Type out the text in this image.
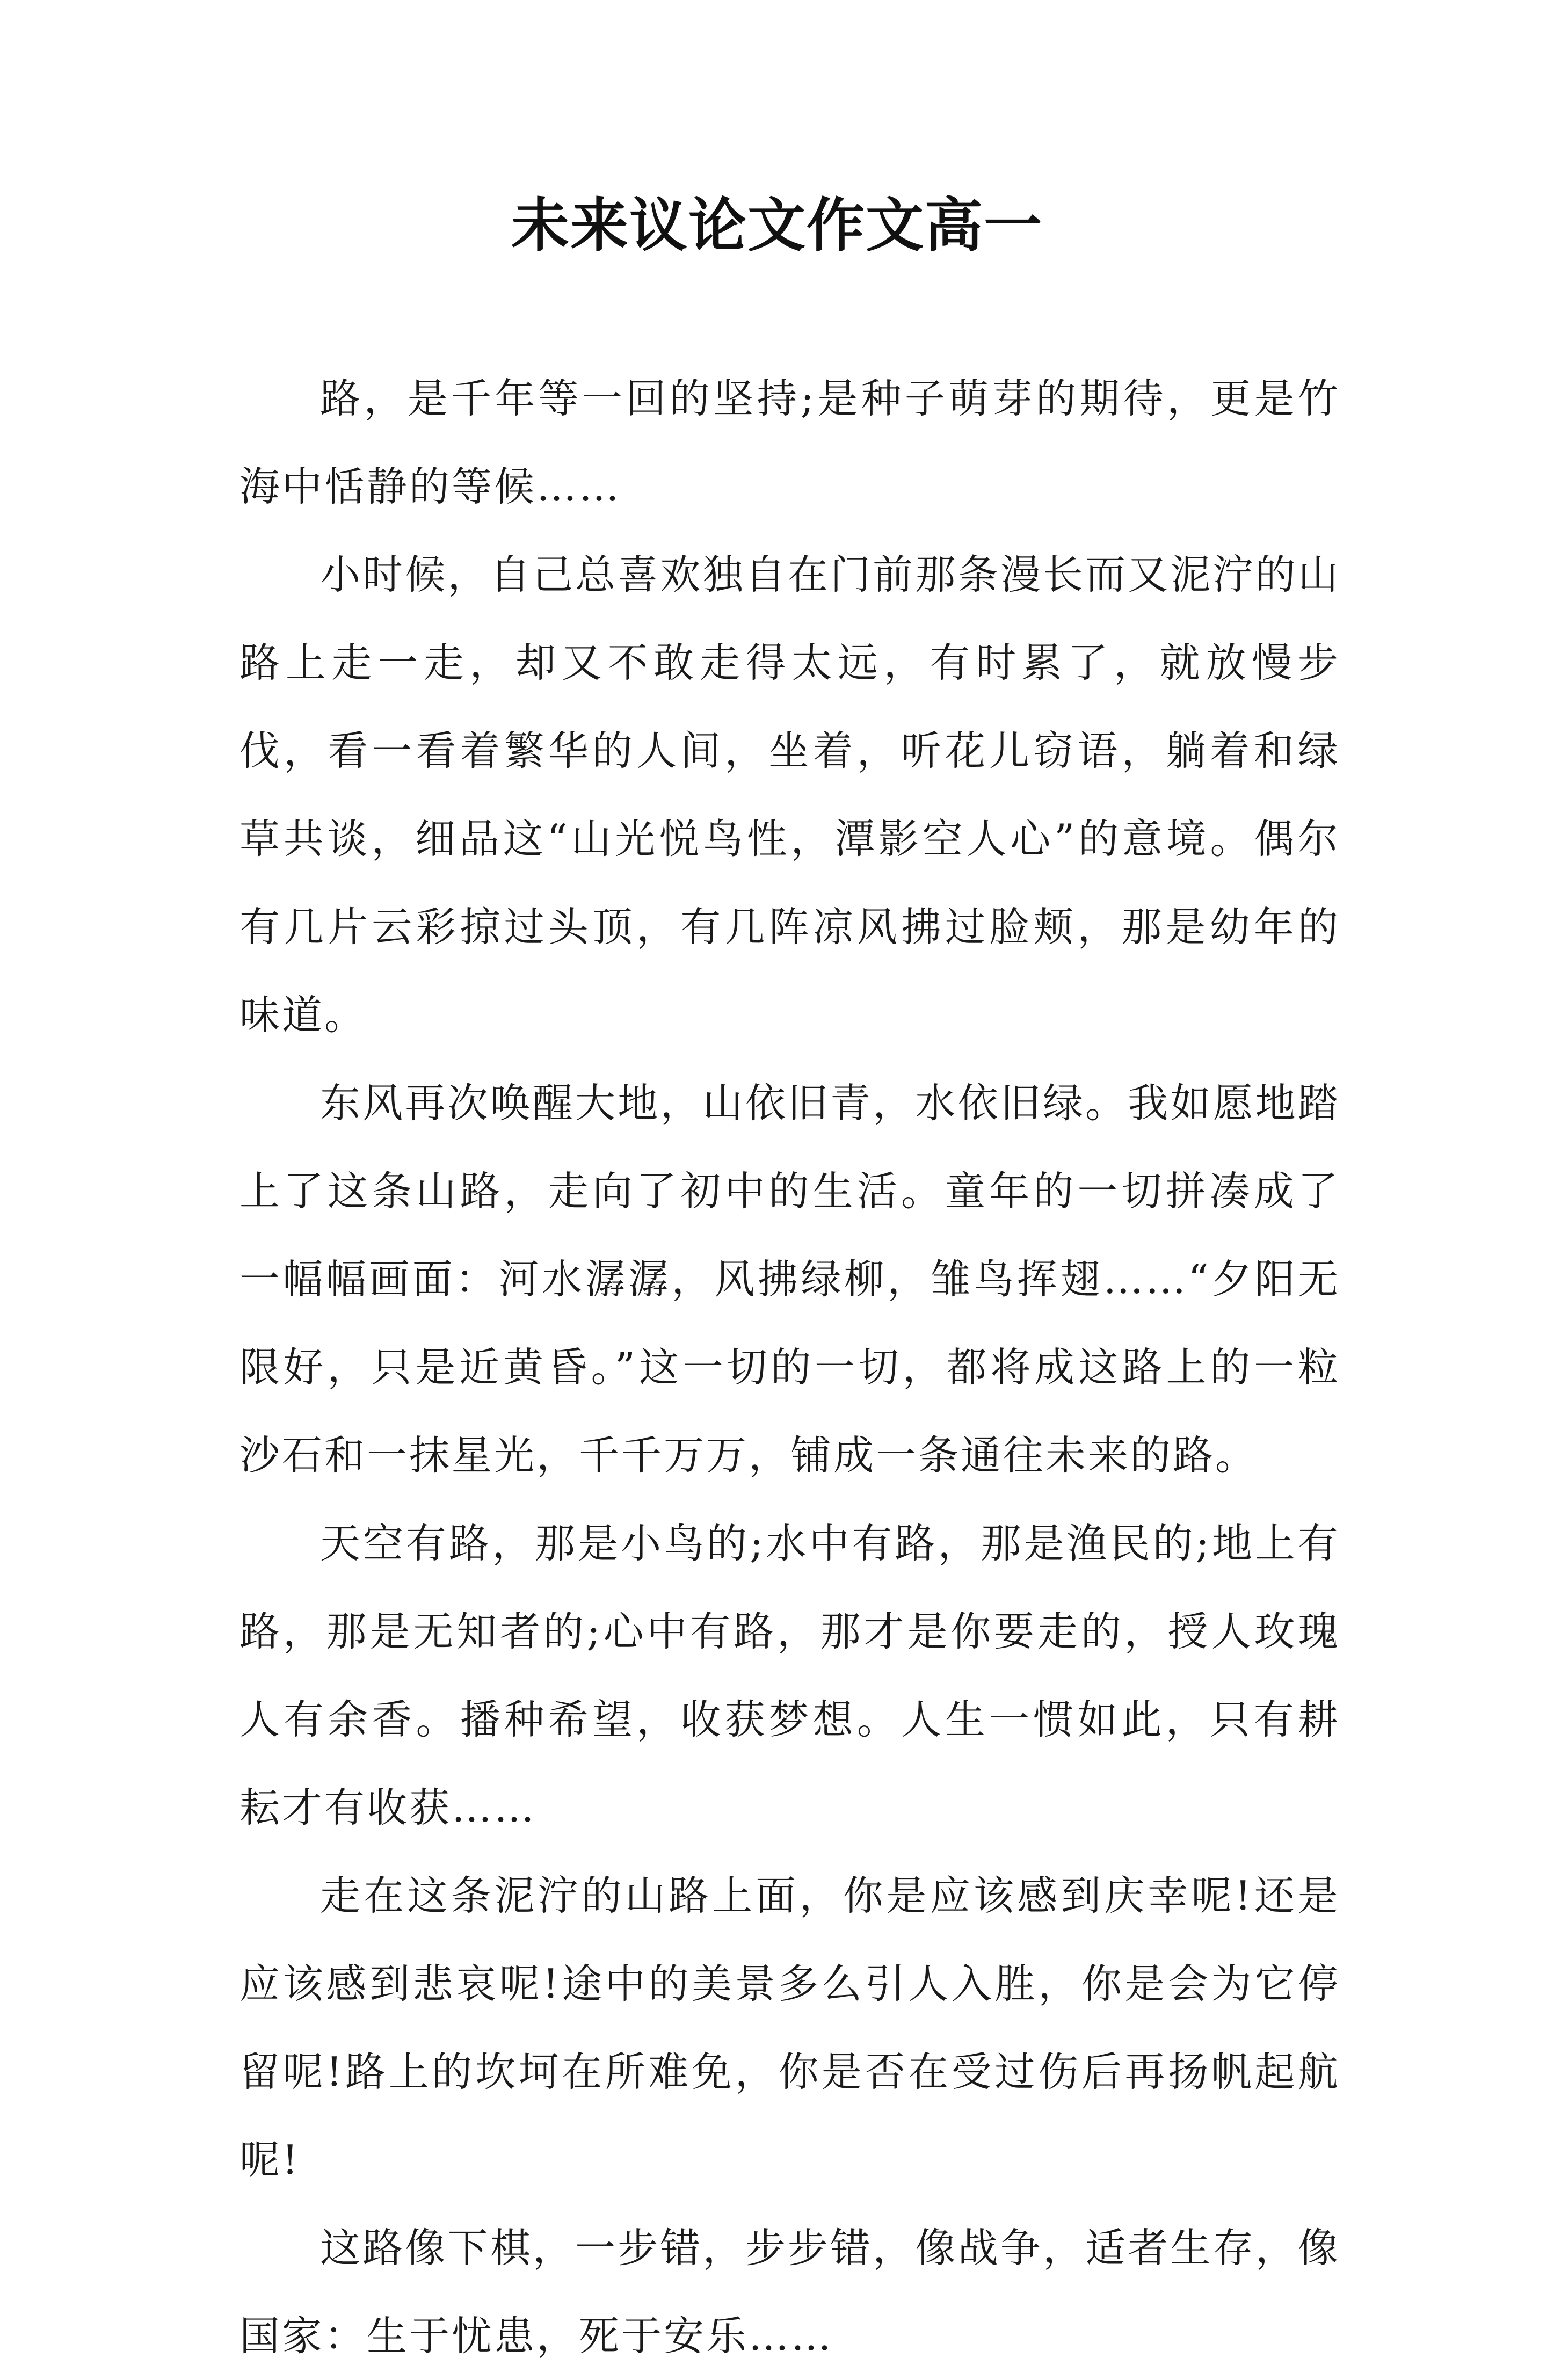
未来议论文作文高一

路，是千年等一回的坚持;是种子萌芽的期待，更是竹海中恬静的等候……

小时候，自己总喜欢独自在门前那条漫长而又泥泞的山路上走一走，却又不敢走得太远，有时累了，就放慢步伐，看一看着繁华的人间，坐着，听花儿窃语，躺着和绿草共谈，细品这“山光悦鸟性，潭影空人心”的意境。偶尔有几片云彩掠过头顶，有几阵凉风拂过脸颊，那是幼年的味道。

东风再次唤醒大地，山依旧青，水依旧绿。我如愿地踏上了这条山路，走向了初中的生活。童年的一切拼凑成了一幅幅画面：河水潺潺，风拂绿柳，雏鸟挥翅……“夕阳无限好，只是近黄昏。”这一切的一切，都将成这路上的一粒沙石和一抹星光，千千万万，铺成一条通往未来的路。

天空有路，那是小鸟的;水中有路，那是渔民的;地上有路，那是无知者的;心中有路，那才是你要走的，授人玫瑰人有余香。播种希望，收获梦想。人生一惯如此，只有耕耘才有收获……

走在这条泥泞的山路上面，你是应该感到庆幸呢!还是应该感到悲哀呢!途中的美景多么引人入胜，你是会为它停留呢!路上的坎坷在所难免，你是否在受过伤后再扬帆起航呢!

这路像下棋，一步错，步步错，像战争，适者生存，像国家：生于忧患，死于安乐……
